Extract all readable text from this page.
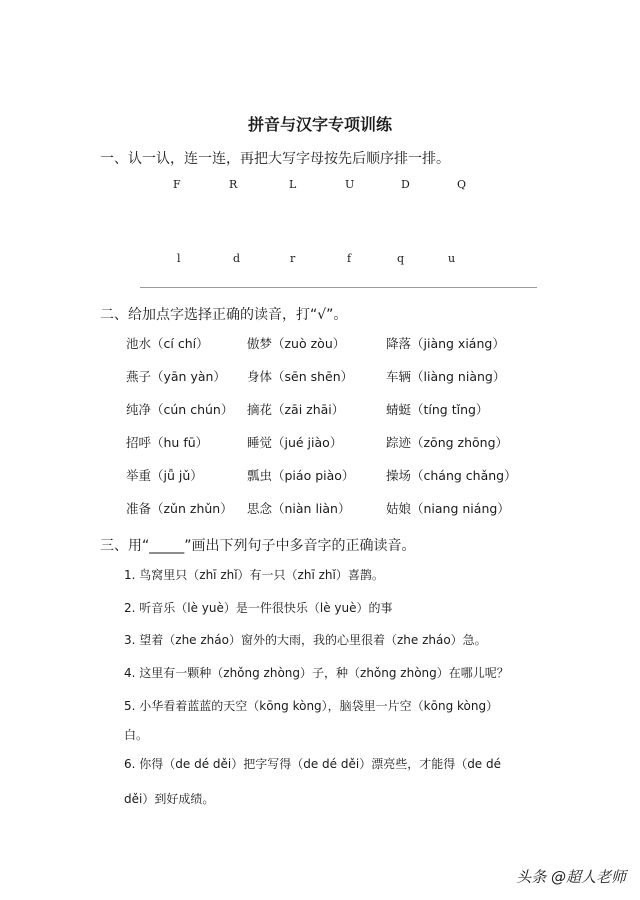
拼音与汉字专项训练
一、认一认，连一连，再把大写字母按先后顺序排一排。
F	R	L	U	D	Q
l	d	r	f	q	u
二、给加点字选择正确的读音，打“√”。
池水（cí chí）	傲梦（zuò zòu）	降落（jiàng xiáng）
燕子（yān yàn） 身体（sēn shēn）	车辆（liàng niàng）
纯净（cún chún） 摘花（zāi zhāi）	蜻蜓（tíng tǐng）
招呼（hu fū）	睡觉（jué jiào）	踪迹（zōng zhōng）
举重（jǚ jǔ）	瓢虫（piáo piào）	操场（cháng chǎng）
准备（zǔn zhǔn） 思念（niàn liàn）	姑娘（niang niáng）
三、用“_____”画出下列句子中多音字的正确读音。
1. 鸟窝里只（zhī zhǐ）有一只（zhī zhǐ）喜鹊。
2. 听音乐（lè yuè）是一件很快乐（lè yuè）的事
3. 望着（zhe zháo）窗外的大雨，我的心里很着（zhe zháo）急。
4. 这里有一颗种（zhǒng zhòng）子，种（zhǒng zhòng）在哪儿呢？
5. 小华看着蓝蓝的天空（kōng kòng），脑袋里一片空（kōng kòng）
白。
6. 你得（de dé děi）把字写得（de dé děi）漂亮些，才能得（de dé
děi）到好成绩。
头条 @超人老师
